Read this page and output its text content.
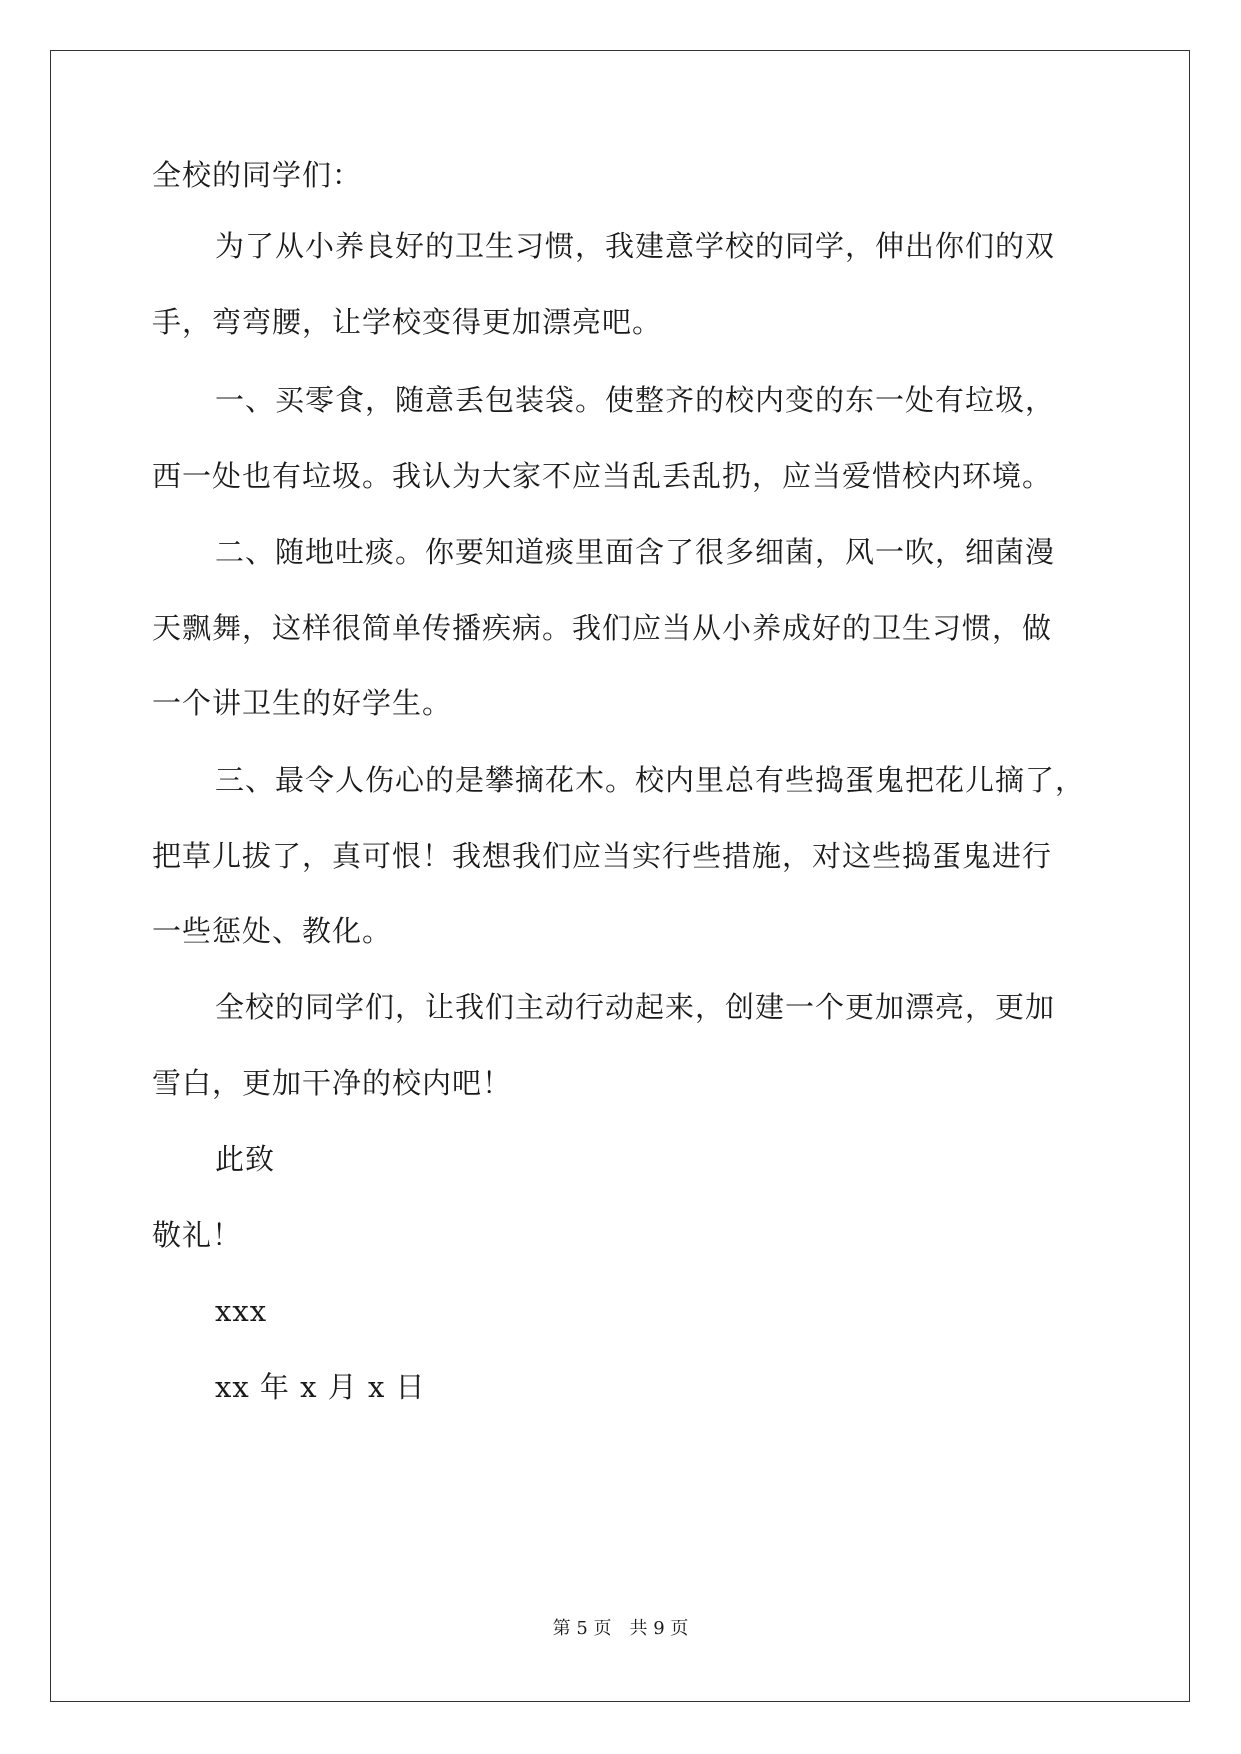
全校的同学们：
为了从小养良好的卫生习惯，我建意学校的同学，伸出你们的双
手，弯弯腰，让学校变得更加漂亮吧。
一、买零食，随意丢包装袋。使整齐的校内变的东一处有垃圾，
西一处也有垃圾。我认为大家不应当乱丢乱扔，应当爱惜校内环境。
二、随地吐痰。你要知道痰里面含了很多细菌，风一吹，细菌漫
天飘舞，这样很简单传播疾病。我们应当从小养成好的卫生习惯，做
一个讲卫生的好学生。
三、最令人伤心的是攀摘花木。校内里总有些捣蛋鬼把花儿摘了，
把草儿拔了，真可恨！我想我们应当实行些措施，对这些捣蛋鬼进行
一些惩处、教化。
全校的同学们，让我们主动行动起来，创建一个更加漂亮，更加
雪白，更加干净的校内吧！
此致
敬礼！
xxx
xx 年 x 月 x 日
第 5 页　共 9 页
